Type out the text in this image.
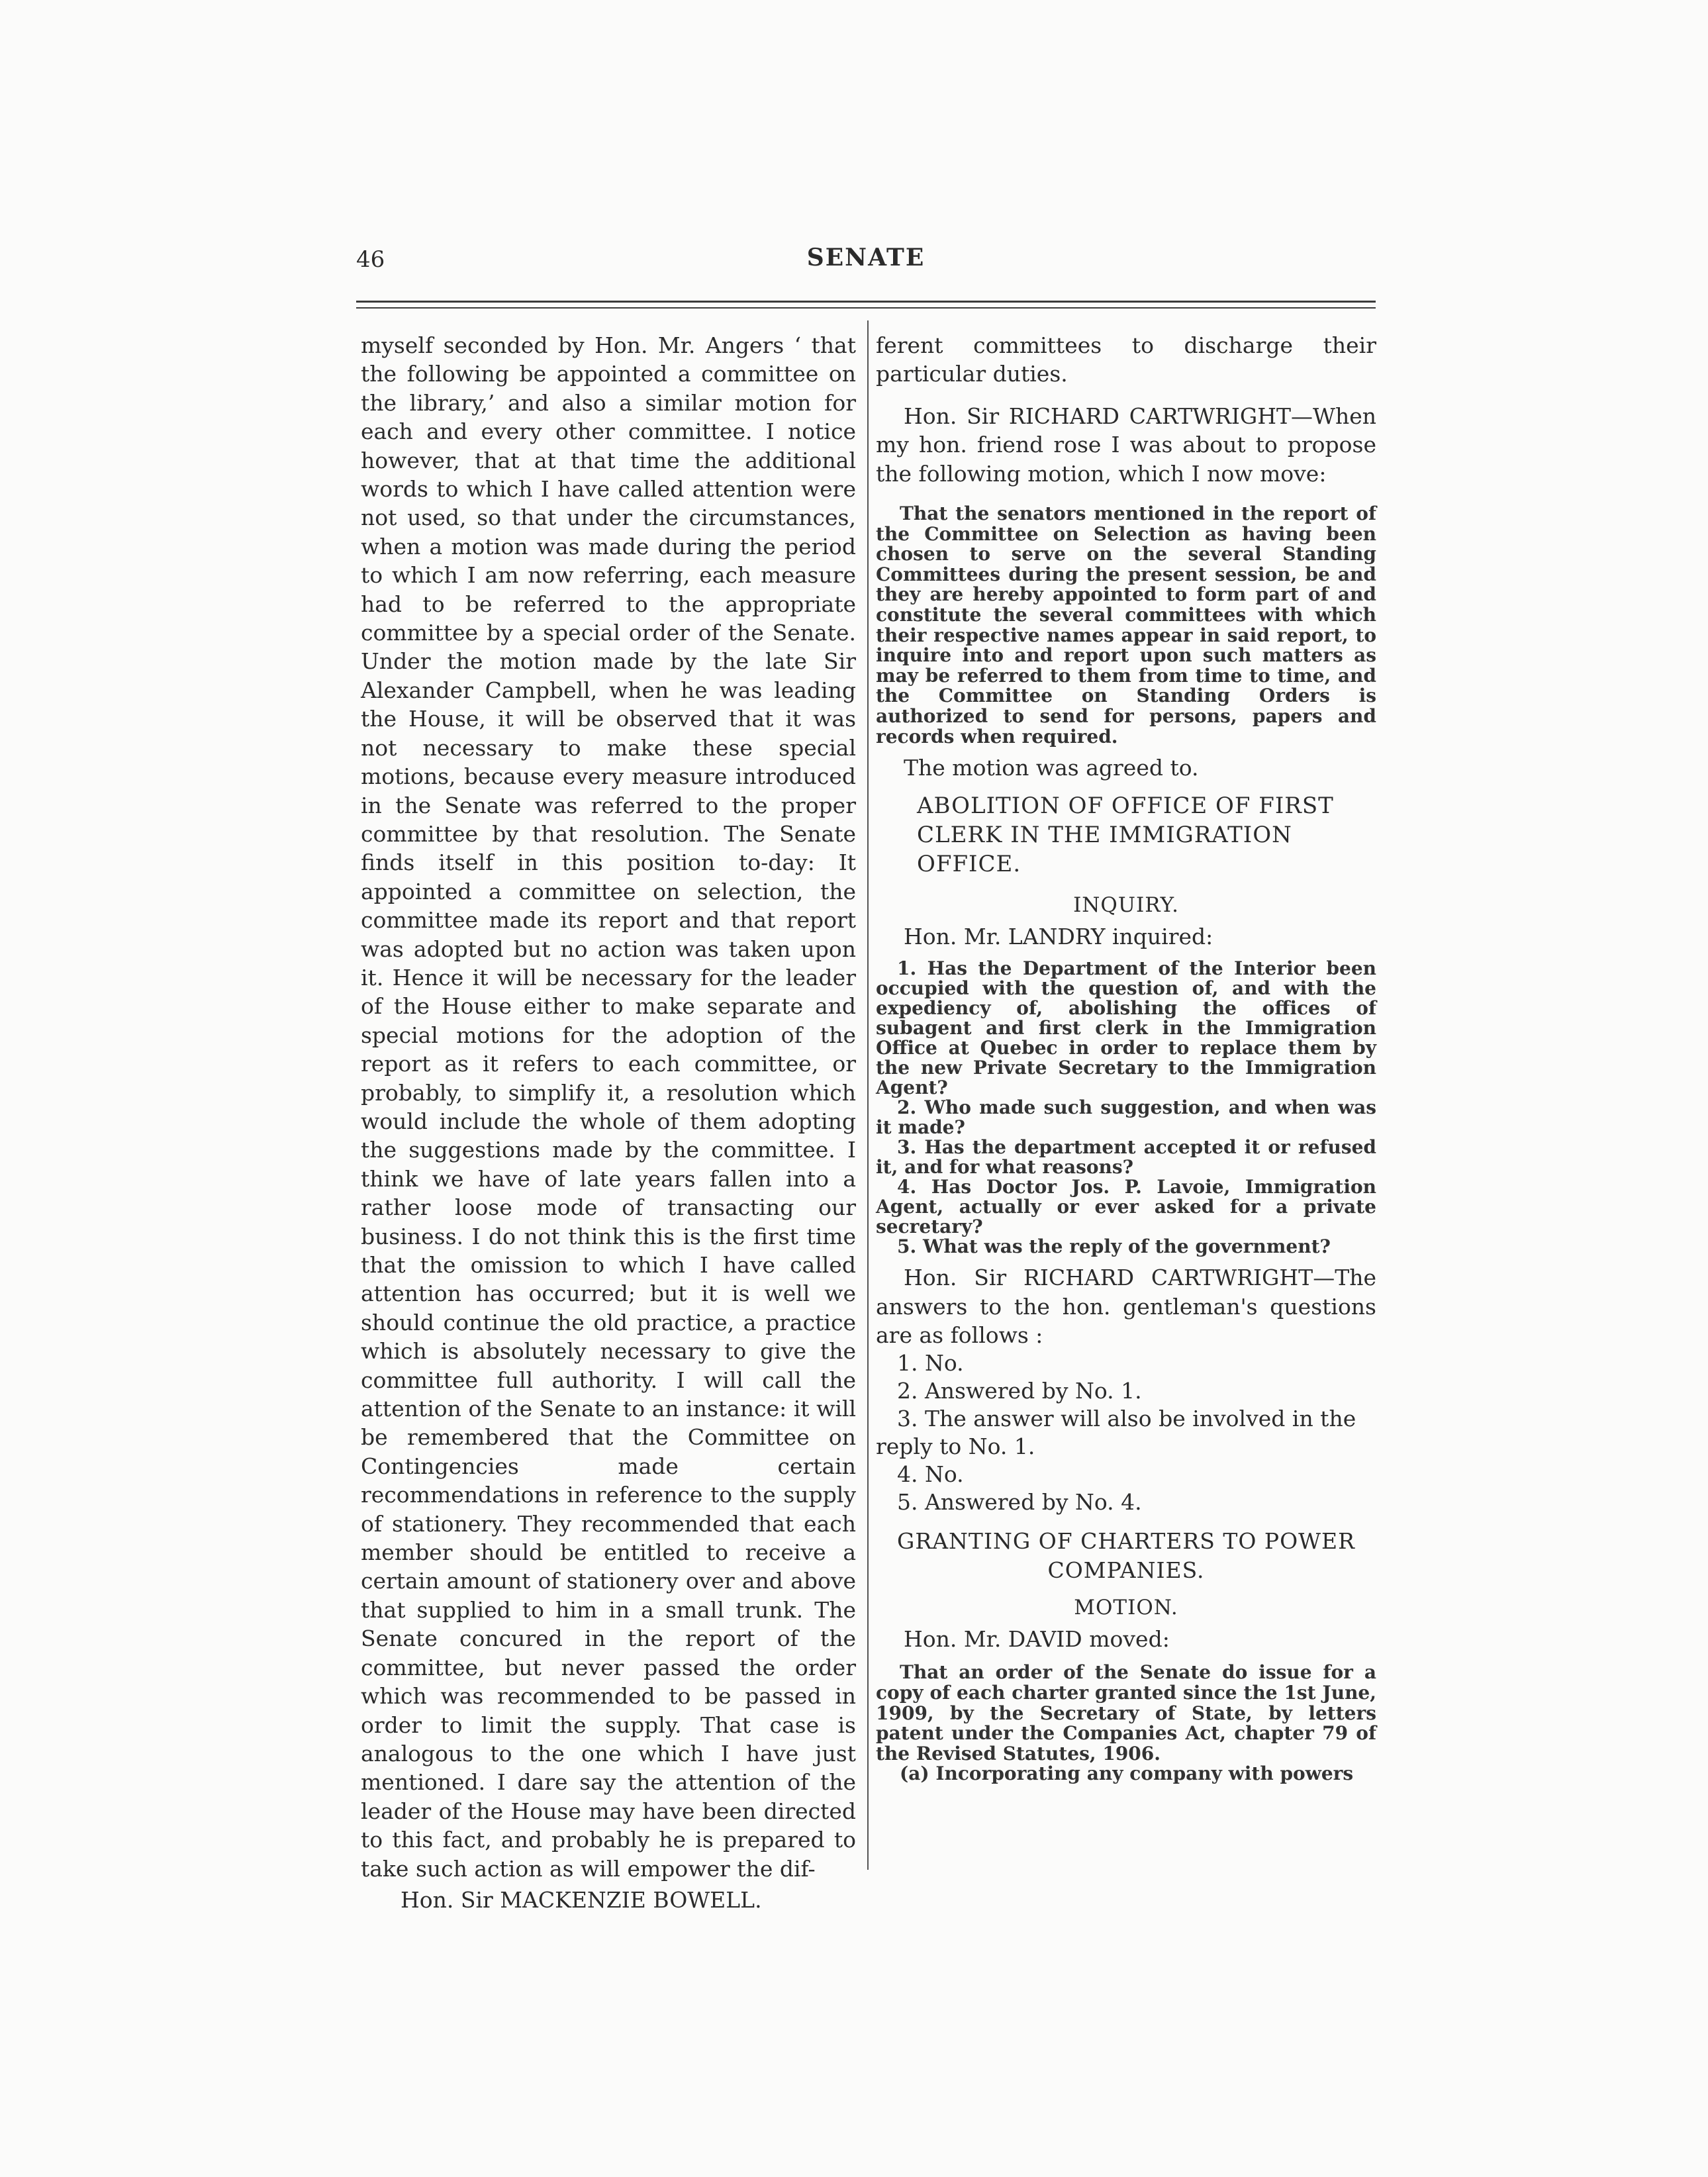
46	SENATE

myself seconded by Hon. Mr. Angers ‘ that the following be appointed a committee on the library,’ and also a similar motion for each and every other committee. I notice however, that at that time the additional words to which I have called attention were not used, so that under the circumstances, when a motion was made during the period to which I am now referring, each measure had to be referred to the appropriate committee by a special order of the Senate. Under the motion made by the late Sir Alexander Campbell, when he was leading the House, it will be observed that it was not necessary to make these special motions, because every measure introduced in the Senate was referred to the proper committee by that resolution. The Senate finds itself in this position to-day: It appointed a committee on selection, the committee made its report and that report was adopted but no action was taken upon it. Hence it will be necessary for the leader of the House either to make separate and special motions for the adoption of the report as it refers to each committee, or probably, to simplify it, a resolution which would include the whole of them adopting the suggestions made by the committee. I think we have of late years fallen into a rather loose mode of transacting our business. I do not think this is the first time that the omission to which I have called attention has occurred; but it is well we should continue the old practice, a practice which is absolutely necessary to give the committee full authority. I will call the attention of the Senate to an instance: it will be remembered that the Committee on Contingencies made certain recommendations in reference to the supply of stationery. They recommended that each member should be entitled to receive a certain amount of stationery over and above that supplied to him in a small trunk. The Senate concured in the report of the committee, but never passed the order which was recommended to be passed in order to limit the supply. That case is analogous to the one which I have just mentioned. I dare say the attention of the leader of the House may have been directed to this fact, and probably he is prepared to take such action as will empower the dif-

Hon. Sir MACKENZIE BOWELL.

ferent committees to discharge their particular duties.

Hon. Sir RICHARD CARTWRIGHT—When my hon. friend rose I was about to propose the following motion, which I now move:

That the senators mentioned in the report of the Committee on Selection as having been chosen to serve on the several Standing Committees during the present session, be and they are hereby appointed to form part of and constitute the several committees with which their respective names appear in said report, to inquire into and report upon such matters as may be referred to them from time to time, and the Committee on Standing Orders is authorized to send for persons, papers and records when required.

The motion was agreed to.

ABOLITION OF OFFICE OF FIRST CLERK IN THE IMMIGRATION OFFICE.

INQUIRY.

Hon. Mr. LANDRY inquired:

1. Has the Department of the Interior been occupied with the question of, and with the expediency of, abolishing the offices of subagent and first clerk in the Immigration Office at Quebec in order to replace them by the new Private Secretary to the Immigration Agent?

2. Who made such suggestion, and when was it made?

3. Has the department accepted it or refused it, and for what reasons?

4. Has Doctor Jos. P. Lavoie, Immigration Agent, actually or ever asked for a private secretary?

5. What was the reply of the government?

Hon. Sir RICHARD CARTWRIGHT—The answers to the hon. gentleman's questions are as follows :

1. No.

2. Answered by No. 1.

3. The answer will also be involved in the reply to No. 1.

4. No.

5. Answered by No. 4.

GRANTING OF CHARTERS TO POWER

COMPANIES.

MOTION.

Hon. Mr. DAVID moved:

That an order of the Senate do issue for a copy of each charter granted since the 1st June, 1909, by the Secretary of State, by letters patent under the Companies Act, chapter 79 of the Revised Statutes, 1906.

(a) Incorporating any company with powers
